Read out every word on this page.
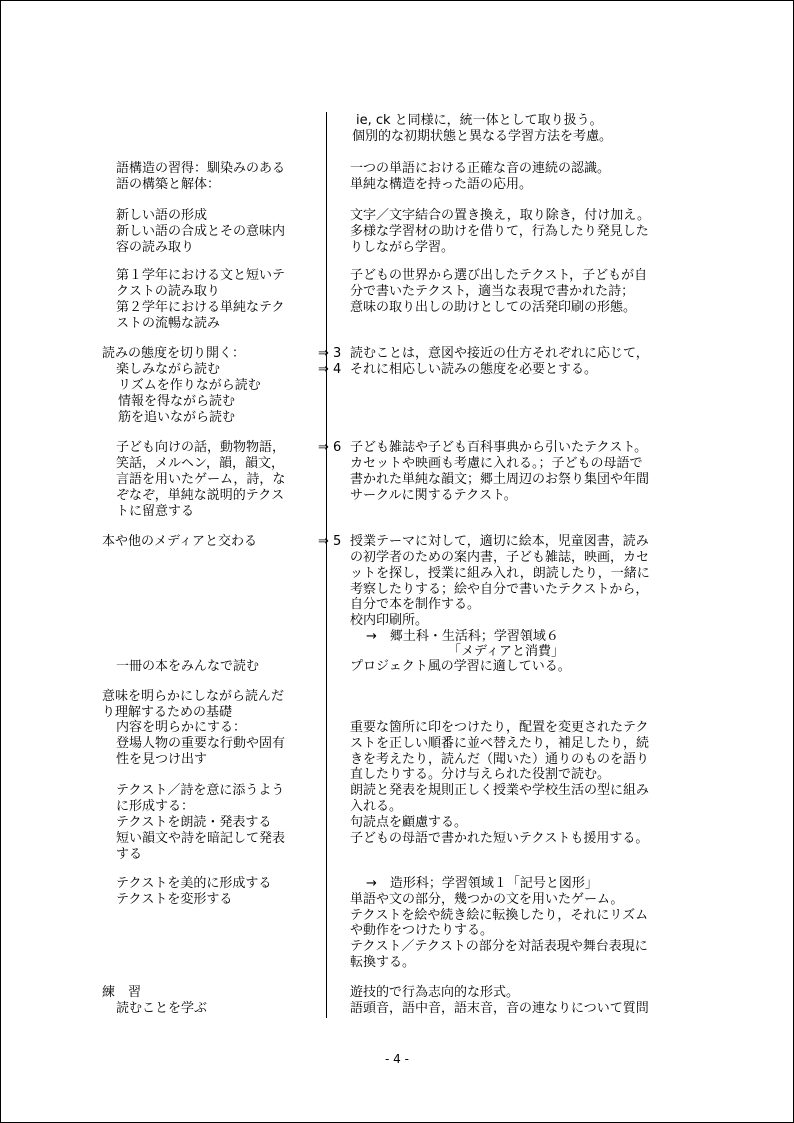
ie, ck と同様に，統一体として取り扱う。
個別的な初期状態と異なる学習方法を考慮。
語構造の習得：馴染みのある
語の構築と解体：
一つの単語における正確な音の連続の認識。
単純な構造を持った語の応用。
新しい語の形成
新しい語の合成とその意味内
容の読み取り
文字／文字結合の置き換え，取り除き，付け加え。
多様な学習材の助けを借りて，行為したり発見した
りしながら学習。
第１学年における文と短いテ
クストの読み取り
第２学年における単純なテク
ストの流暢な読み
子どもの世界から選び出したテクスト，子どもが自
分で書いたテクスト，適当な表現で書かれた詩；
意味の取り出しの助けとしての活発印刷の形態。
読みの態度を切り開く：
楽しみながら読む
リズムを作りながら読む
情報を得ながら読む
筋を追いながら読む
⇒ 3
⇒ 4
読むことは，意図や接近の仕方それぞれに応じて，
それに相応しい読みの態度を必要とする。
子ども向けの話，動物物語，
笑話，メルヘン，韻，韻文，
言語を用いたゲーム，詩，な
ぞなぞ，単純な説明的テクス
トに留意する
⇒ 6 子ども雑誌や子ども百科事典から引いたテクスト。
カセットや映画も考慮に入れる。；子どもの母語で
書かれた単純な韻文；郷土周辺のお祭り集団や年間
サークルに関するテクスト。
本や他のメディアと交わる	⇒ 5 授業テーマに対して，適切に絵本，児童図書，読み
の初学者のための案内書，子ども雑誌，映画，カセ
ットを探し，授業に組み入れ，朗読したり，一緒に
考察したりする；絵や自分で書いたテクストから，
自分で本を制作する。
校内印刷所。
→　郷土科・生活科；学習領域６
「メディアと消費」
一冊の本をみんなで読む	プロジェクト風の学習に適している。
意味を明らかにしながら読んだ
り理解するための基礎
内容を明らかにする：
登場人物の重要な行動や固有
性を見つけ出す
重要な箇所に印をつけたり，配置を変更されたテク
ストを正しい順番に並べ替えたり，補足したり，続
きを考えたり，読んだ（聞いた）通りのものを語り
直したりする。分け与えられた役割で読む。
テクスト／詩を意に添うよう
に形成する：
テクストを朗読・発表する
短い韻文や詩を暗記して発表
する
朗読と発表を規則正しく授業や学校生活の型に組み
入れる。
句読点を顧慮する。
子どもの母語で書かれた短いテクストも援用する。
テクストを美的に形成する
テクストを変形する
→　造形科；学習領域１「記号と図形」
単語や文の部分，幾つかの文を用いたゲーム。
テクストを絵や続き絵に転換したり，それにリズム
や動作をつけたりする。
テクスト／テクストの部分を対話表現や舞台表現に
転換する。
練　習
読むことを学ぶ
遊技的で行為志向的な形式。
語頭音，語中音，語末音，音の連なりについて質問
- 4 -
